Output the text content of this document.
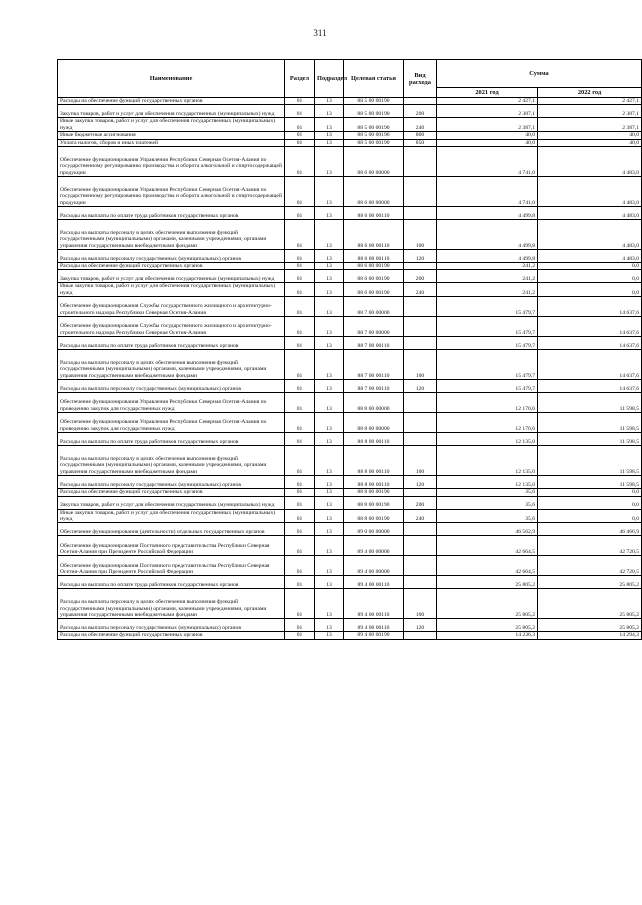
311
Наименование	Раздел	Подраздел	Целевая статья	Вид расхода	Сумма	
					2021 год	2022 год
Расходы на обеспечение функций государственных органов	01	13	88 5 00 00190		2 427,1	2 427,1
Закупка товаров, работ и услуг для обеспечения государственных (муниципальных) нужд	01	13	88 5 00 00190	200	2 387,1	2 387,1
Иные закупки товаров, работ и услуг для обеспечения государственных (муниципальных) нужд	01	13	88 5 00 00190	240	2 387,1	2 387,1
Иные бюджетные ассигнования	01	13	88 5 00 00190	800	40,0	40,0
Уплата налогов, сборов и иных платежей	01	13	88 5 00 00190	850	40,0	40,0
Обеспечение функционирования Управления Республики Северная Осетия-Алания по государственному регулированию производства и оборота алкогольной и спиртосодержащей продукции	01	13	88 6 00 00000		4 741,0	4 483,0
Обеспечение функционирования Управления Республики Северная Осетия-Алания по государственному регулированию производства и оборота алкогольной и спиртосодержащей продукции	01	13	88 6 00 00000		4 741,0	4 483,0
Расходы на выплаты по оплате труда работников государственных органов	01	13	88 6 00 00110		4 499,8	4 483,0
Расходы на выплаты персоналу в целях обеспечения выполнения функций государственными (муниципальными) органами, казенными учреждениями, органами управления государственными внебюджетными фондами	01	13	88 6 00 00110	100	4 499,8	4 483,0
Расходы на выплаты персоналу государственных (муниципальных) органов	01	13	88 6 00 00110	120	4 499,8	4 483,0
Расходы на обеспечение функций государственных органов	01	13	88 6 00 00190		241,2	0,0
Закупка товаров, работ и услуг для обеспечения государственных (муниципальных) нужд	01	13	88 6 00 00190	200	241,2	0,0
Иные закупки товаров, работ и услуг для обеспечения государственных (муниципальных) нужд	01	13	88 6 00 00190	240	241,2	0,0
Обеспечение функционирования Службы государственного жилищного и архитектурно-строительного надзора Республики Северная Осетия-Алания	01	13	88 7 00 00000		15 479,7	14 637,6
Обеспечение функционирования Службы государственного жилищного и архитектурно-строительного надзора Республики Северная Осетия-Алания	01	13	88 7 00 00000		15 479,7	14 637,6
Расходы на выплаты по оплате труда работников государственных органов	01	13	88 7 00 00110		15 479,7	14 637,6
Расходы на выплаты персоналу в целях обеспечения выполнения функций государственными (муниципальными) органами, казенными учреждениями, органами управления государственными внебюджетными фондами	01	13	88 7 00 00110	100	15 479,7	14 637,6
Расходы на выплаты персоналу государственных (муниципальных) органов	01	13	88 7 00 00110	120	15 479,7	14 637,6
Обеспечение функционирования Управления Республики Северная Осетия-Алания по проведению закупок для государственных нужд	01	13	88 8 00 00000		12 170,6	11 598,5
Обеспечение функционирования Управления Республики Северная Осетия-Алания по проведению закупок для государственных нужд	01	13	88 8 00 00000		12 170,6	11 598,5
Расходы на выплаты по оплате труда работников государственных органов	01	13	88 8 00 00110		12 135,0	11 598,5
Расходы на выплаты персоналу в целях обеспечения выполнения функций государственными (муниципальными) органами, казенными учреждениями, органами управления государственными внебюджетными фондами	01	13	88 8 00 00110	100	12 135,0	11 598,5
Расходы на выплаты персоналу государственных (муниципальных) органов	01	13	88 8 00 00110	120	12 135,0	11 598,5
Расходы на обеспечение функций государственных органов	01	13	88 8 00 00190		35,6	0,0
Закупка товаров, работ и услуг для обеспечения государственных (муниципальных) нужд	01	13	88 8 00 00190	200	35,6	0,0
Иные закупки товаров, работ и услуг для обеспечения государственных (муниципальных) нужд	01	13	88 8 00 00190	240	35,6	0,0
Обеспечение функционирования (деятельности) отдельных государственных органов	01	13	89 0 00 00000		46 562,9	46 466,9
Обеспечение функционирования Постоянного представительства Республики Северная Осетия-Алания при Президенте Российской Федерации	01	13	89 4 00 00000		42 664,5	42 720,5
Обеспечение функционирования Постоянного представительства Республики Северная Осетия-Алания при Президенте Российской Федерации	01	13	89 4 00 00000		42 664,5	42 720,5
Расходы на выплаты по оплате труда работников государственных органов	01	13	89 4 00 00110		25 805,2	25 805,2
Расходы на выплаты персоналу в целях обеспечения выполнения функций государственными (муниципальными) органами, казенными учреждениями, органами управления государственными внебюджетными фондами	01	13	89 4 00 00110	100	25 805,2	25 805,2
Расходы на выплаты персоналу государственных (муниципальных) органов	01	13	89 4 00 00110	120	25 805,2	25 805,2
Расходы на обеспечение функций государственных органов	01	13	89 4 00 00190		14 236,3	14 294,3
